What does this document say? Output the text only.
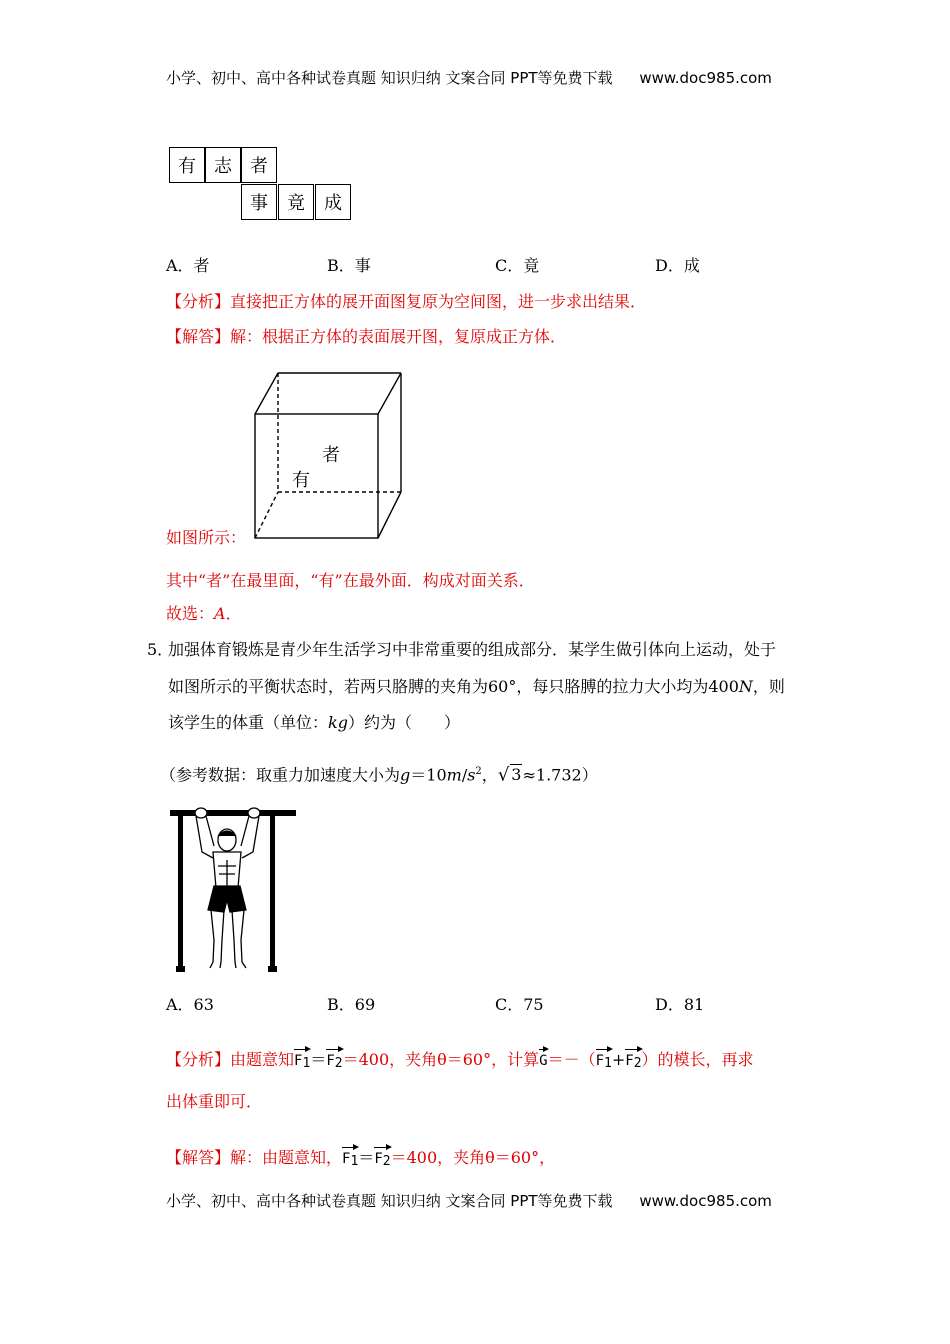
小学、初中、高中各种试卷真题 知识归纳 文案合同 PPT等免费下载 www.doc985.com
有	志	者
事	竟	成
A．者	B．事	C．竟	D．成
【分析】直接把正方体的展开面图复原为空间图，进一步求出结果．
【解答】解：根据正方体的表面展开图，复原成正方体．
者
有
如图所示：
其中“者”在最里面，“有”在最外面．构成对面关系．
故选：A．
5．
加强体育锻炼是青少年生活学习中非常重要的组成部分．某学生做引体向上运动，处于
如图所示的平衡状态时，若两只胳膊的夹角为60°，每只胳膊的拉力大小均为400N，则
该学生的体重（单位：kg）约为（　　）
（参考数据：取重力加速度大小为$g=10m/s^2$，√ 3≈1.732）
A．63	B．69	C．75	D．81
【分析】由题意知F1＝F2＝400，夹角θ＝60°，计算G＝－（F1+F2）的模长，再求
出体重即可．
【解答】解：由题意知，F1＝F2＝400，夹角θ＝60°，
小学、初中、高中各种试卷真题 知识归纳 文案合同 PPT等免费下载 www.doc985.com
